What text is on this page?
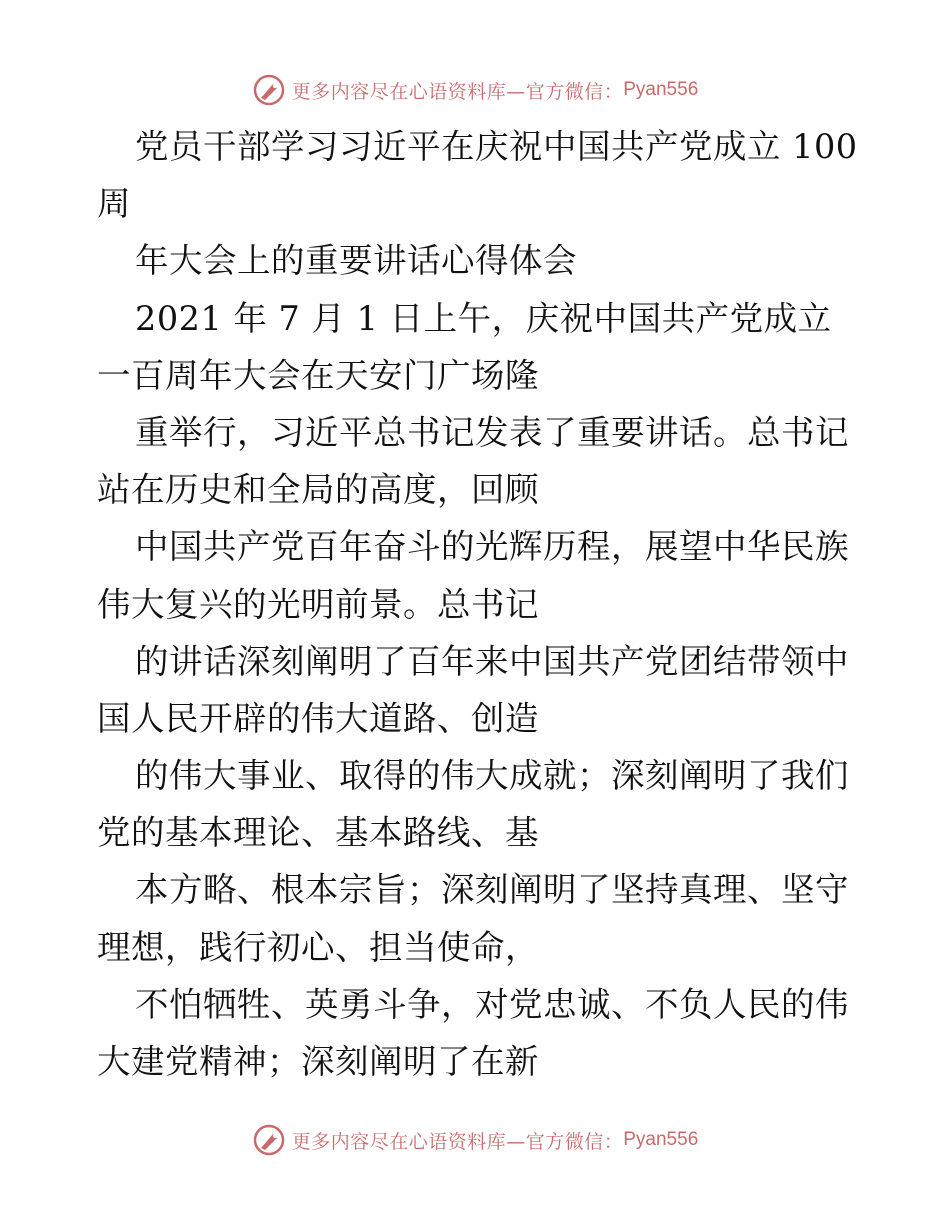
更多内容尽在心语资料库—官方微信： Pyan556
党员干部学习习近平在庆祝中国共产党成立 100
周
年大会上的重要讲话心得体会
2021 年 7 月 1 日上午，庆祝中国共产党成立
一百周年大会在天安门广场隆
重举行，习近平总书记发表了重要讲话。总书记
站在历史和全局的高度，回顾
中国共产党百年奋斗的光辉历程，展望中华民族
伟大复兴的光明前景。总书记
的讲话深刻阐明了百年来中国共产党团结带领中
国人民开辟的伟大道路、创造
的伟大事业、取得的伟大成就；深刻阐明了我们
党的基本理论、基本路线、基
本方略、根本宗旨；深刻阐明了坚持真理、坚守
理想，践行初心、担当使命，
不怕牺牲、英勇斗争，对党忠诚、不负人民的伟
大建党精神；深刻阐明了在新
更多内容尽在心语资料库—官方微信： Pyan556
